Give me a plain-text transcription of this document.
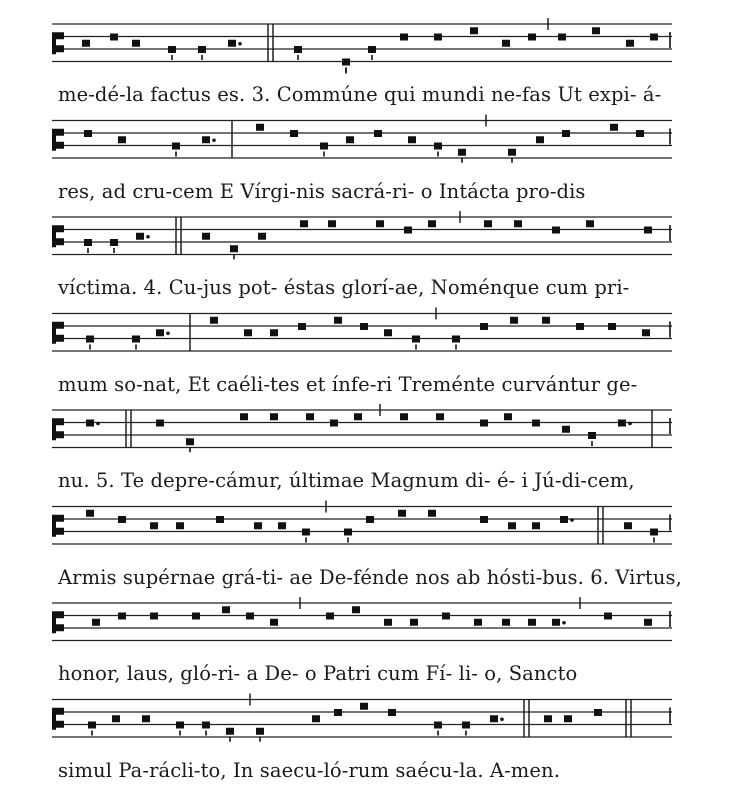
me-dé-la factus es. 3. Commúne qui mundi ne-fas Ut expi- á-
res, ad cru-cem E Vírgi-nis sacrá-ri- o Intácta pro-dis
víctima. 4. Cu-jus pot- éstas glorí-ae, Noménque cum pri-
mum so-nat, Et caéli-tes et ínfe-ri Treménte curvántur ge-
nu. 5. Te depre-cámur, últimae Magnum di- é- i Jú-di-cem,
Armis supérnae grá-ti- ae De-fénde nos ab hósti-bus. 6. Virtus,
honor, laus, gló-ri- a De- o Patri cum Fí- li- o, Sancto
simul Pa-rácli-to, In saecu-ló-rum saécu-la. A-men.
